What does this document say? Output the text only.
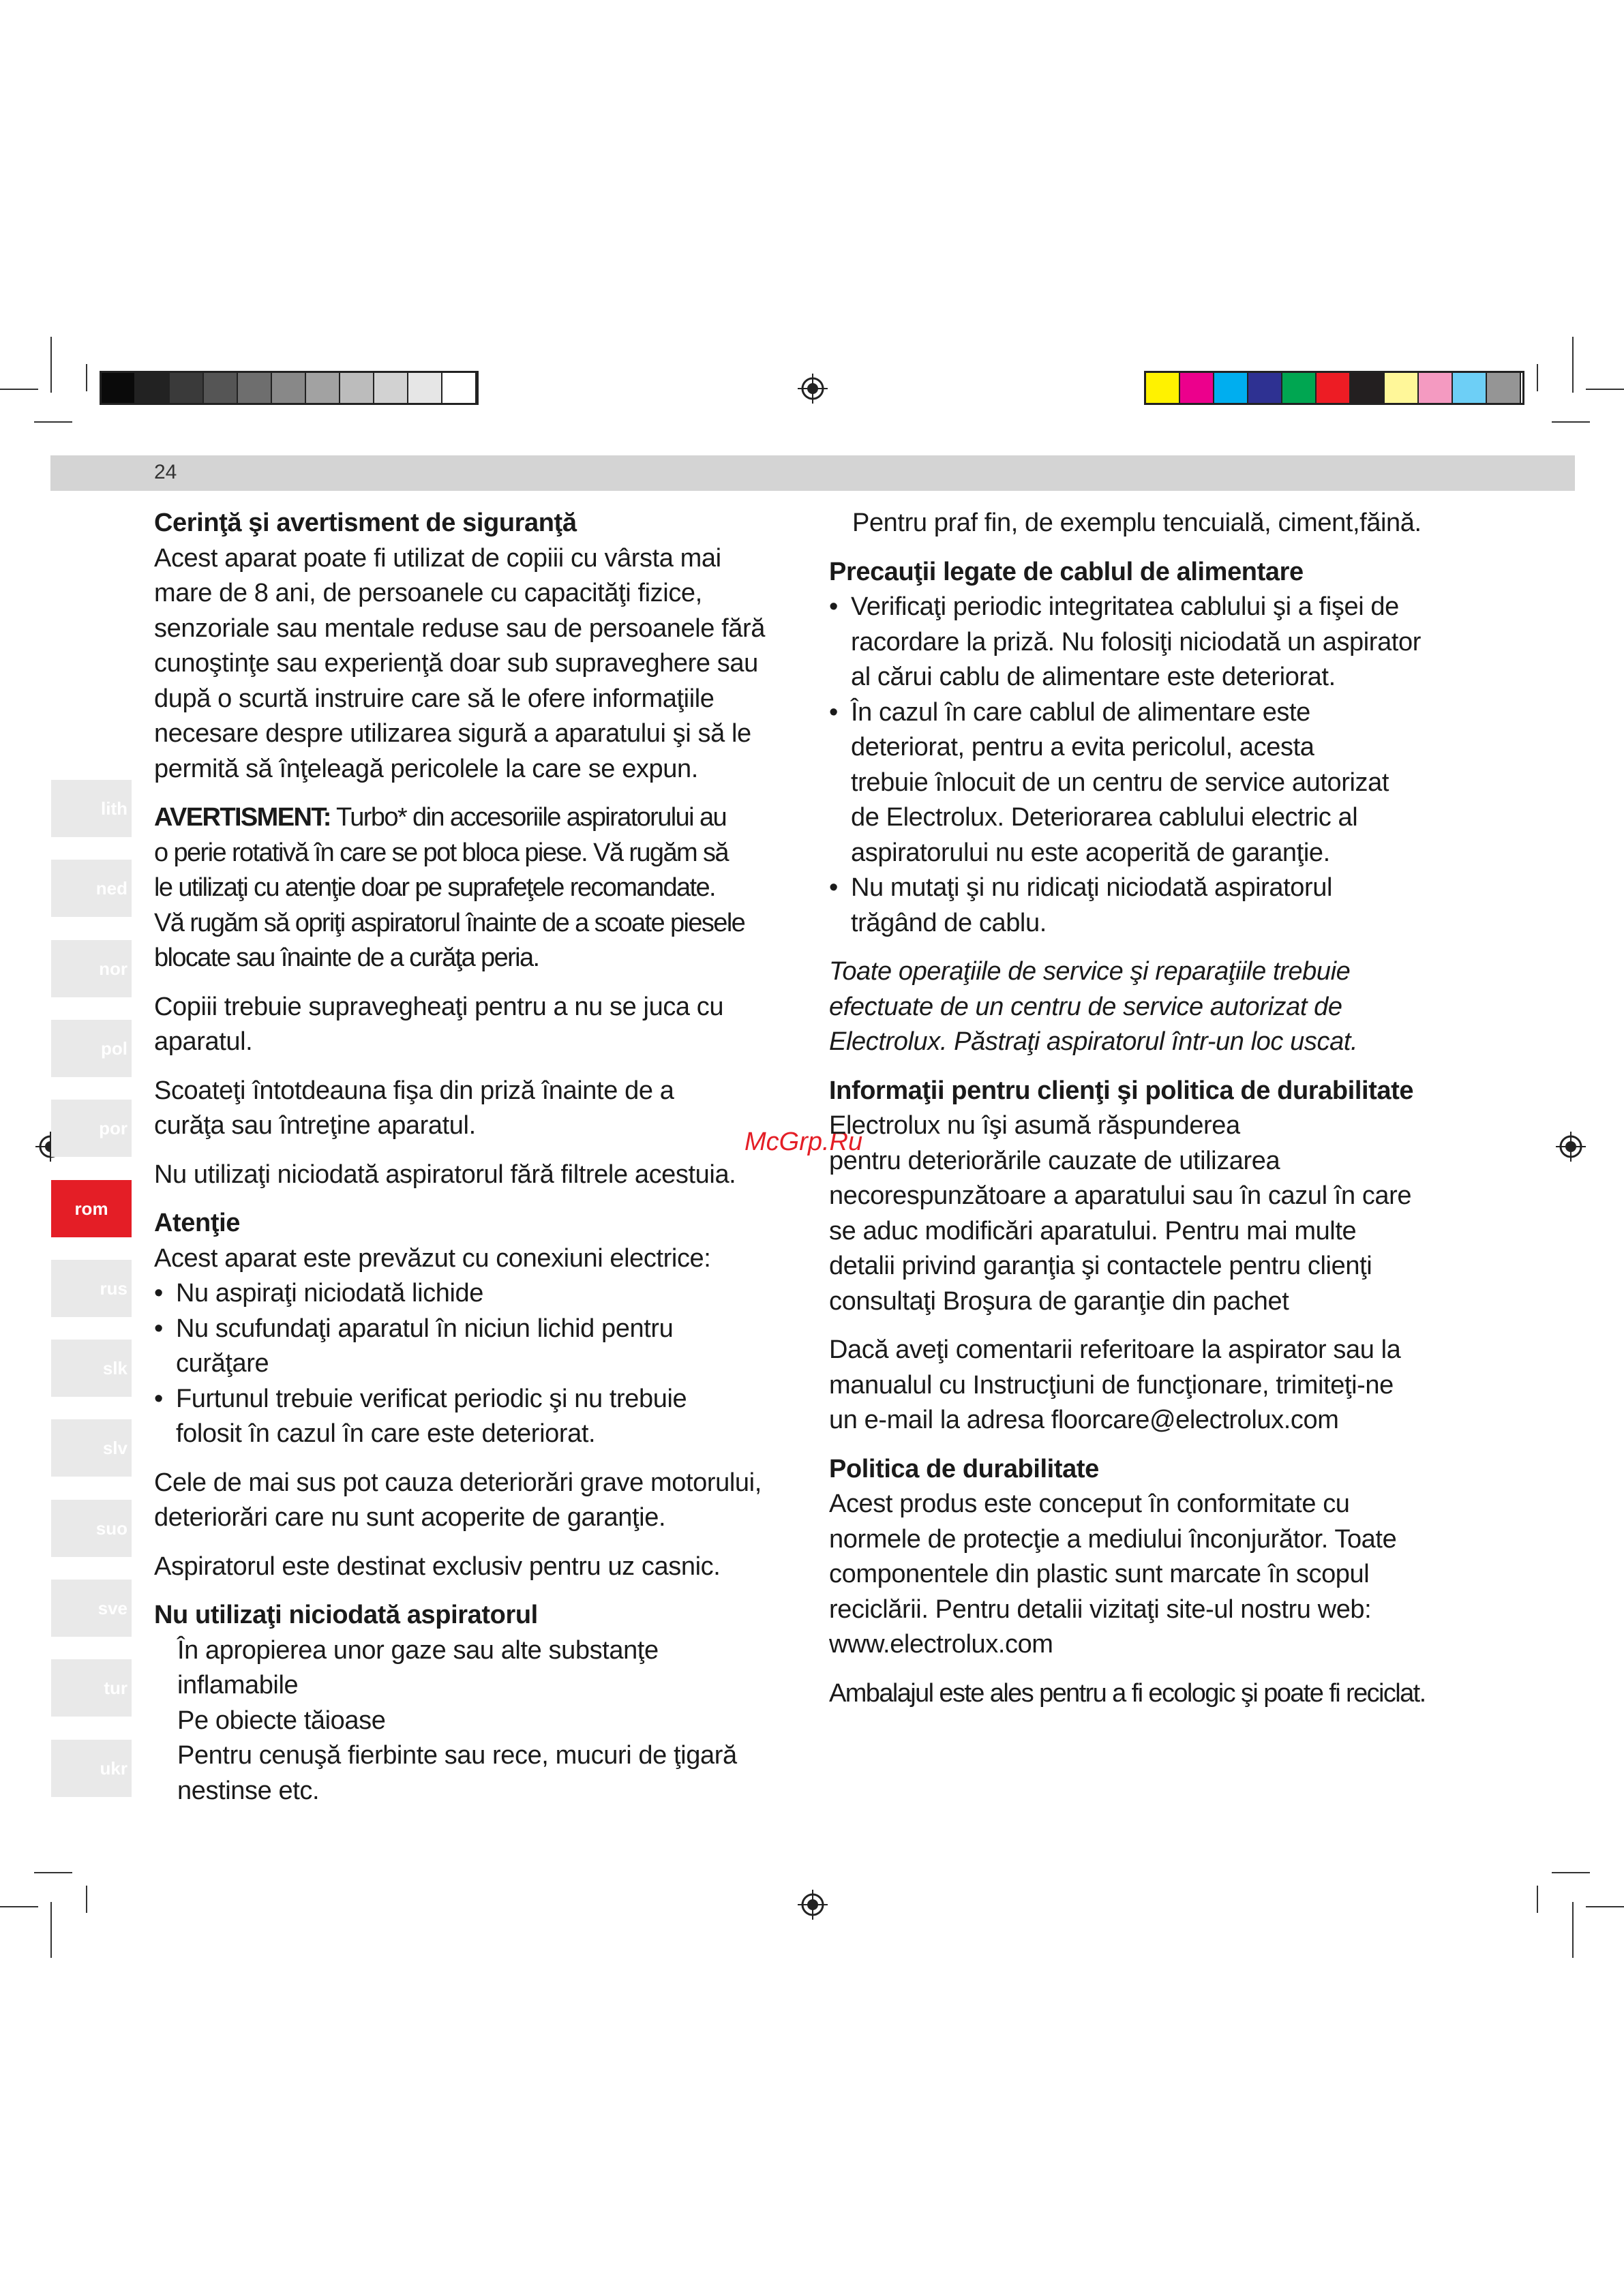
24
lith
ned
nor
pol
por
rom
rus
slk
slv
suo
sve
tur
ukr
McGrp.Ru

Cerinţă şi avertisment de siguranţă

Acest aparat poate fi utilizat de copiii cu vârsta mai

mare de 8 ani, de persoanele cu capacităţi fizice,

senzoriale sau mentale reduse sau de persoanele fără

cunoştinţe sau experienţă doar sub supraveghere sau

după o scurtă instruire care să le ofere informaţiile

necesare despre utilizarea sigură a aparatului şi să le

permită să înţeleagă pericolele la care se expun.

AVERTISMENT: Turbo* din accesoriile aspiratorului au

o perie rotativă în care se pot bloca piese. Vă rugăm să

le utilizaţi cu atenţie doar pe suprafeţele recomandate.

Vă rugăm să opriţi aspiratorul înainte de a scoate piesele

blocate sau înainte de a curăţa peria.

Copiii trebuie supravegheaţi pentru a nu se juca cu

aparatul.

Scoateţi întotdeauna fişa din priză înainte de a

curăţa sau întreţine aparatul.

Nu utilizaţi niciodată aspiratorul fără filtrele acestuia.

Atenţie

Acest aparat este prevăzut cu conexiuni electrice:

• Nu aspiraţi niciodată lichide
• Nu scufundaţi aparatul în niciun lichid pentru
curăţare
• Furtunul trebuie verificat periodic şi nu trebuie
folosit în cazul în care este deteriorat.

Cele de mai sus pot cauza deteriorări grave motorului,

deteriorări care nu sunt acoperite de garanţie.

Aspiratorul este destinat exclusiv pentru uz casnic.

Nu utilizaţi niciodată aspiratorul

În apropierea unor gaze sau alte substanţe

inflamabile

Pe obiecte tăioase

Pentru cenuşă fierbinte sau rece, mucuri de ţigară

nestinse etc.

Pentru praf fin, de exemplu tencuială, ciment,făină.

Precauţii legate de cablul de alimentare

• Verificaţi periodic integritatea cablului şi a fişei de
racordare la priză. Nu folosiţi niciodată un aspirator
al cărui cablu de alimentare este deteriorat.
• În cazul în care cablul de alimentare este
deteriorat, pentru a evita pericolul, acesta
trebuie înlocuit de un centru de service autorizat
de Electrolux. Deteriorarea cablului electric al
aspiratorului nu este acoperită de garanţie.
• Nu mutaţi şi nu ridicaţi niciodată aspiratorul
trăgând de cablu.

Toate operaţiile de service şi reparaţiile trebuie

efectuate de un centru de service autorizat de

Electrolux. Păstraţi aspiratorul într-un loc uscat.

Informaţii pentru clienţi şi politica de durabilitate

Electrolux nu îşi asumă răspunderea

pentru deteriorările cauzate de utilizarea

necorespunzătoare a aparatului sau în cazul în care

se aduc modificări aparatului. Pentru mai multe

detalii privind garanţia şi contactele pentru clienţi

consultaţi Broşura de garanţie din pachet

Dacă aveţi comentarii referitoare la aspirator sau la

manualul cu Instrucţiuni de funcţionare, trimiteţi-ne

un e-mail la adresa floorcare@electrolux.com

Politica de durabilitate

Acest produs este conceput în conformitate cu

normele de protecţie a mediului înconjurător. Toate

componentele din plastic sunt marcate în scopul

reciclării. Pentru detalii vizitaţi site-ul nostru web:

www.electrolux.com

Ambalajul este ales pentru a fi ecologic şi poate fi reciclat.
